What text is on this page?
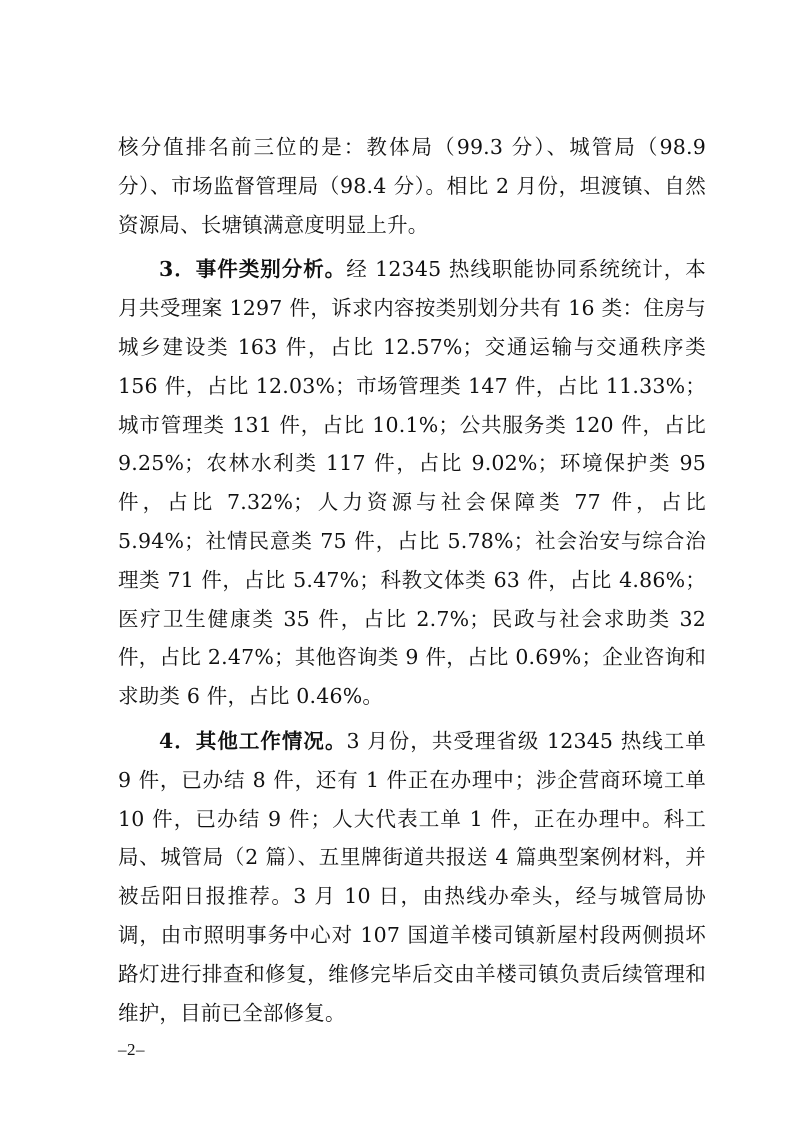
核分值排名前三位的是：教体局（99.3 分）、城管局（98.9 分）、市场监督管理局（98.4 分）。相比 2 月份，坦渡镇、自然资源局、长塘镇满意度明显上升。

3．事件类别分析。经 12345 热线职能协同系统统计，本月共受理案 1297 件，诉求内容按类别划分共有 16 类：住房与城乡建设类 163 件，占比 12.57%；交通运输与交通秩序类 156 件，占比 12.03%；市场管理类 147 件，占比 11.33%；城市管理类 131 件，占比 10.1%；公共服务类 120 件，占比 9.25%；农林水利类 117 件，占比 9.02%；环境保护类 95 件，占比 7.32%；人力资源与社会保障类 77 件，占比 5.94%；社情民意类 75 件，占比 5.78%；社会治安与综合治理类 71 件，占比 5.47%；科教文体类 63 件，占比 4.86%；医疗卫生健康类 35 件，占比 2.7%；民政与社会求助类 32 件，占比 2.47%；其他咨询类 9 件，占比 0.69%；企业咨询和求助类 6 件，占比 0.46%。

4．其他工作情况。3 月份，共受理省级 12345 热线工单 9 件，已办结 8 件，还有 1 件正在办理中；涉企营商环境工单 10 件，已办结 9 件；人大代表工单 1 件，正在办理中。科工局、城管局（2 篇）、五里牌街道共报送 4 篇典型案例材料，并被岳阳日报推荐。3 月 10 日，由热线办牵头，经与城管局协调，由市照明事务中心对 107 国道羊楼司镇新屋村段两侧损坏路灯进行排查和修复，维修完毕后交由羊楼司镇负责后续管理和维护，目前已全部修复。

–2–
